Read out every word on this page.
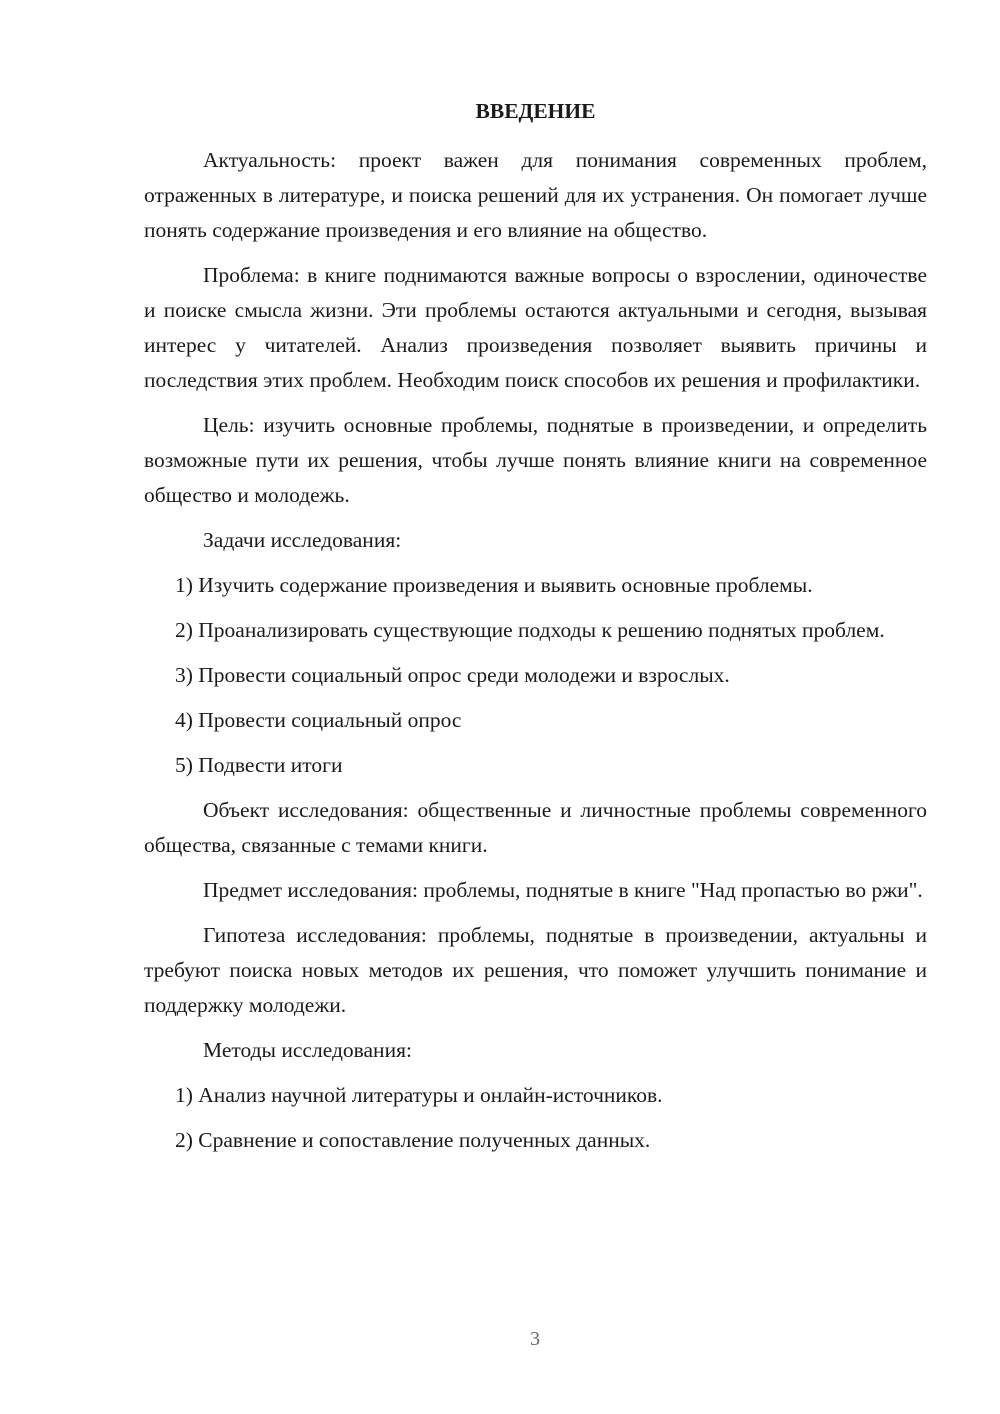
ВВЕДЕНИЕ

Актуальность: проект важен для понимания современных проблем, отраженных в литературе, и поиска решений для их устранения. Он помогает лучше понять содержание произведения и его влияние на общество.

Проблема: в книге поднимаются важные вопросы о взрослении, одиночестве и поиске смысла жизни. Эти проблемы остаются актуальными и сегодня, вызывая интерес у читателей. Анализ произведения позволяет выявить причины и последствия этих проблем. Необходим поиск способов их решения и профилактики.

Цель: изучить основные проблемы, поднятые в произведении, и определить возможные пути их решения, чтобы лучше понять влияние книги на современное общество и молодежь.

Задачи исследования:

1) Изучить содержание произведения и выявить основные проблемы.

2) Проанализировать существующие подходы к решению поднятых проблем.

3) Провести социальный опрос среди молодежи и взрослых.

4) Провести социальный опрос

5) Подвести итоги

Объект исследования: общественные и личностные проблемы современного общества, связанные с темами книги.

Предмет исследования: проблемы, поднятые в книге "Над пропастью во ржи".

Гипотеза исследования: проблемы, поднятые в произведении, актуальны и требуют поиска новых методов их решения, что поможет улучшить понимание и поддержку молодежи.

Методы исследования:

1) Анализ научной литературы и онлайн-источников.

2) Сравнение и сопоставление полученных данных.

3
